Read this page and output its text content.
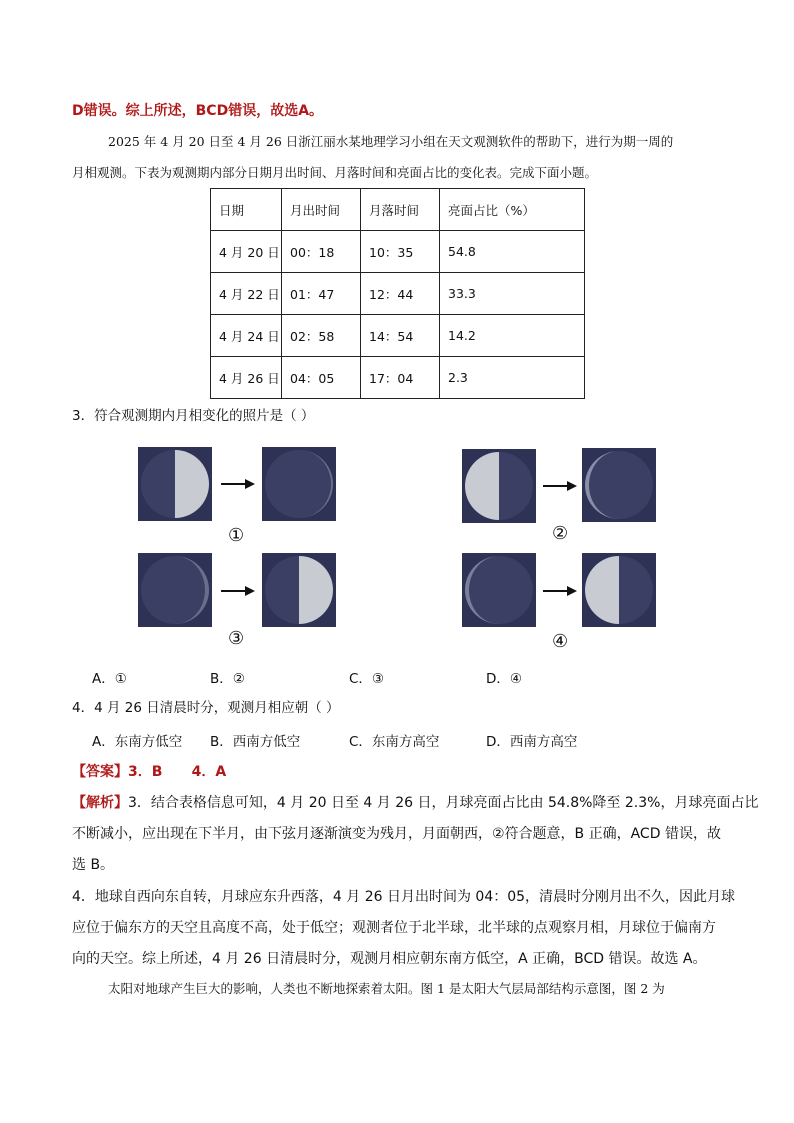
D错误。综上所述，BCD错误，故选A。
2025 年 4 月 20 日至 4 月 26 日浙江丽水某地理学习小组在天文观测软件的帮助下，进行为期一周的
月相观测。下表为观测期内部分日期月出时间、月落时间和亮面占比的变化表。完成下面小题。
日期	月出时间	月落时间	亮面占比（%）
4 月 20 日	00：18	10：35	54.8
4 月 22 日	01：47	12：44	33.3
4 月 24 日	02：58	14：54	14.2
4 月 26 日	04：05	17：04	2.3
3．符合观测期内月相变化的照片是（ ）
①	②
③	④
A．①	B．②	C．③	D．④
4．4 月 26 日清晨时分，观测月相应朝（ ）
A．东南方低空 B．西南方低空	C．东南方高空	D．西南方高空
【答案】3．B      4．A
【解析】3．结合表格信息可知，4 月 20 日至 4 月 26 日，月球亮面占比由 54.8%降至 2.3%，月球亮面占比
不断减小，应出现在下半月，由下弦月逐渐演变为残月，月面朝西，②符合题意，B 正确，ACD 错误，故
选 B。
4．地球自西向东自转，月球应东升西落，4 月 26 日月出时间为 04：05，清晨时分刚月出不久，因此月球
应位于偏东方的天空且高度不高，处于低空；观测者位于北半球，北半球的点观察月相，月球位于偏南方
向的天空。综上所述，4 月 26 日清晨时分，观测月相应朝东南方低空，A 正确，BCD 错误。故选 A。
太阳对地球产生巨大的影响，人类也不断地探索着太阳。图 1 是太阳大气层局部结构示意图，图 2 为
